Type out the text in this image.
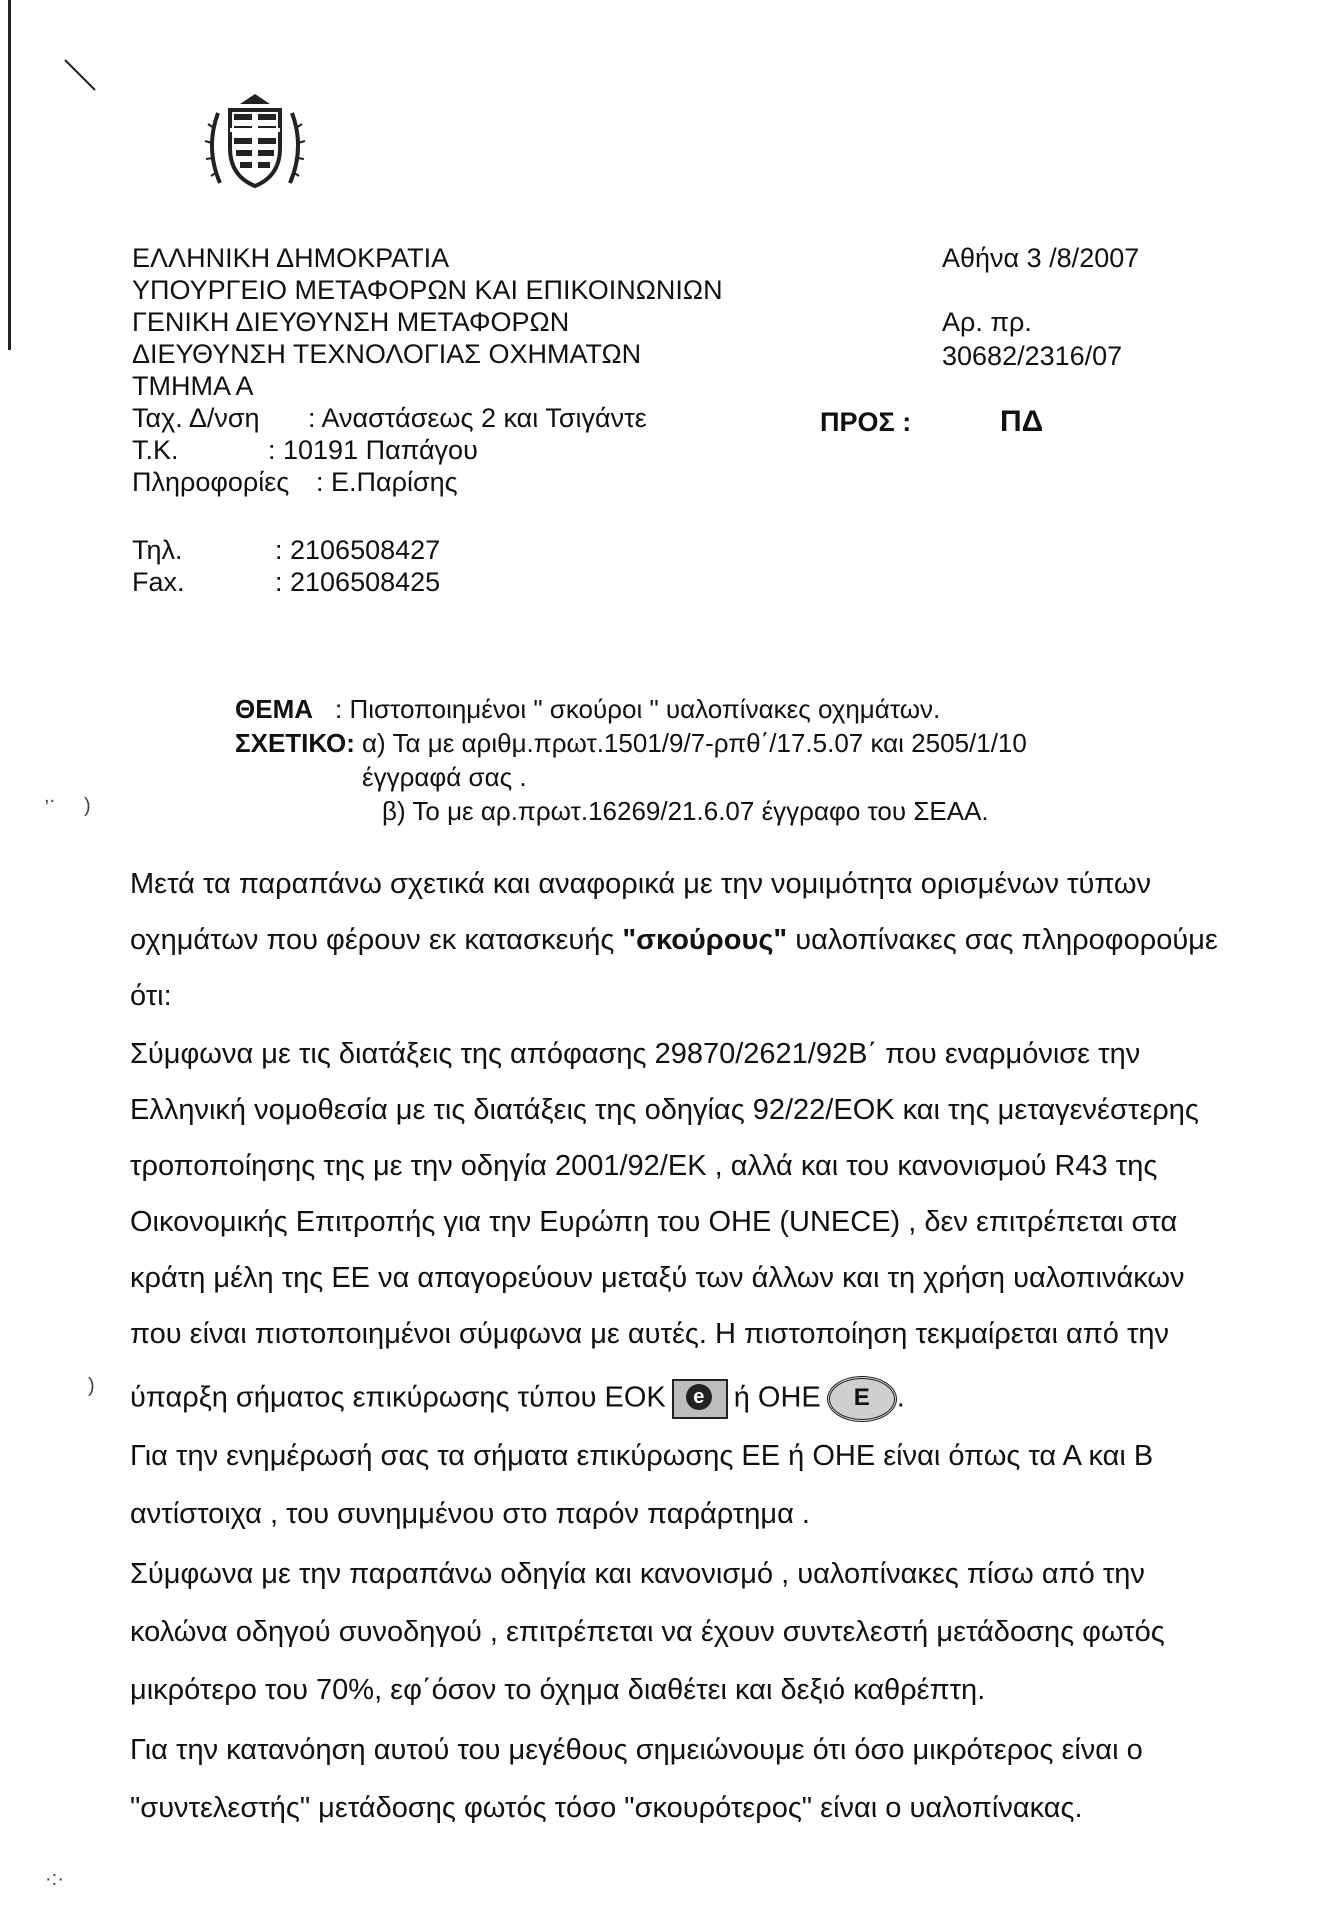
ΕΛΛΗΝΙΚΗ ΔΗΜΟΚΡΑΤΙΑ
ΥΠΟΥΡΓΕΙΟ ΜΕΤΑΦΟΡΩΝ ΚΑΙ ΕΠΙΚΟΙΝΩΝΙΩΝ
ΓΕΝΙΚΗ ΔΙΕΥΘΥΝΣΗ ΜΕΤΑΦΟΡΩΝ
ΔΙΕΥΘΥΝΣΗ ΤΕΧΝΟΛΟΓΙΑΣ ΟΧΗΜΑΤΩΝ
ΤΜΗΜΑ Α
Ταχ. Δ/νση : Αναστάσεως 2 και Τσιγάντε
Τ.Κ.	: 10191 Παπάγου
Πληροφορίες : Ε.Παρίσης
Τηλ.	: 2106508427
Fax.	: 2106508425
Αθήνα 3 /8/2007
Αρ. πρ.
30682/2316/07
ΠΡΟΣ :	ΠΔ
ΘΕΜΑ : Πιστοποιημένοι " σκούροι " υαλοπίνακες οχημάτων.
ΣΧΕΤΙΚΟ: α) Τα με αριθμ.πρωτ.1501/9/7-ρπθ΄/17.5.07 και 2505/1/10
έγγραφά σας .
β) Το με αρ.πρωτ.16269/21.6.07 έγγραφο του ΣΕΑΑ.
Μετά τα παραπάνω σχετικά και αναφορικά με την νομιμότητα ορισμένων τύπων
οχημάτων που φέρουν εκ κατασκευής "σκούρους" υαλοπίνακες σας πληροφορούμε
ότι:
Σύμφωνα με τις διατάξεις της απόφασης 29870/2621/92Β΄ που εναρμόνισε την
Ελληνική νομοθεσία με τις διατάξεις της οδηγίας 92/22/ΕΟΚ και της μεταγενέστερης
τροποποίησης της με την οδηγία 2001/92/ΕΚ , αλλά και του κανονισμού R43 της
Οικονομικής Επιτροπής για την Ευρώπη του ΟΗΕ (UNECE) , δεν επιτρέπεται στα
κράτη μέλη της ΕΕ να απαγορεύουν μεταξύ των άλλων και τη χρήση υαλοπινάκων
που είναι πιστοποιημένοι σύμφωνα με αυτές. Η πιστοποίηση τεκμαίρεται από την
ύπαρξη σήματος επικύρωσης τύπου ΕΟΚ	e ή ΟΗΕ E .
Για την ενημέρωσή σας τα σήματα επικύρωσης ΕΕ ή ΟΗΕ είναι όπως τα Α και Β
αντίστοιχα , του συνημμένου στο παρόν παράρτημα .
Σύμφωνα με την παραπάνω οδηγία και κανονισμό , υαλοπίνακες πίσω από την
κολώνα οδηγού συνοδηγού , επιτρέπεται να έχουν συντελεστή μετάδοσης φωτός
μικρότερο του 70%, εφ΄όσον το όχημα διαθέτει και δεξιό καθρέπτη.
Για την κατανόηση αυτού του μεγέθους σημειώνουμε ότι όσο μικρότερος είναι ο
"συντελεστής" μετάδοσης φωτός τόσο "σκουρότερος" είναι ο υαλοπίνακας.
,. )
)
·:·
